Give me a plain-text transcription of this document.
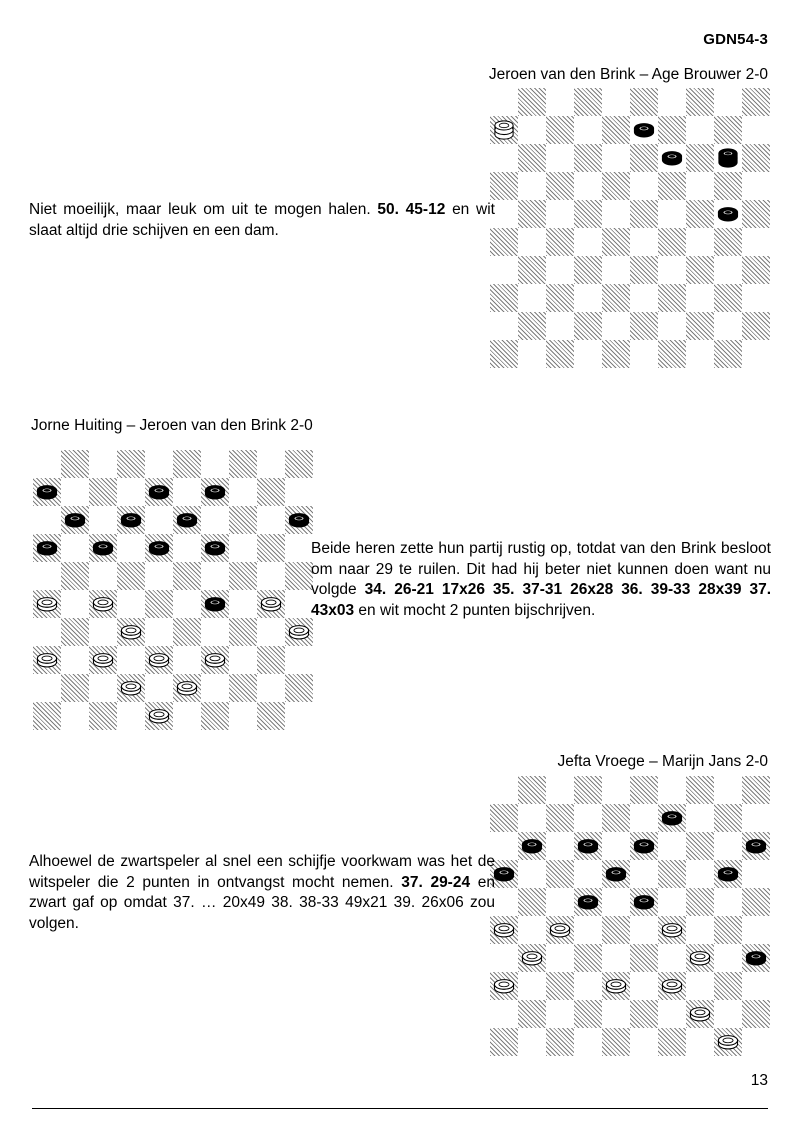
GDN54-3
Jeroen van den Brink – Age Brouwer 2-0
Niet moeilijk, maar leuk om uit te mogen halen. 50. 45-12 en wit slaat altijd drie schijven en een dam.
Jorne Huiting – Jeroen van den Brink 2-0
Beide heren zette hun partij rustig op, totdat van den Brink besloot om naar 29 te ruilen. Dit had hij beter niet kunnen doen want nu volgde 34. 26-21 17x26 35. 37-31 26x28 36. 39-33 28x39 37. 43x03 en wit mocht 2 punten bijschrijven.
Jefta Vroege – Marijn Jans 2-0
Alhoewel de zwartspeler al snel een schijfje voorkwam was het de witspeler die 2 punten in ontvangst mocht nemen. 37. 29-24 en zwart gaf op omdat 37. … 20x49 38. 38-33 49x21 39. 26x06 zou volgen.
13
